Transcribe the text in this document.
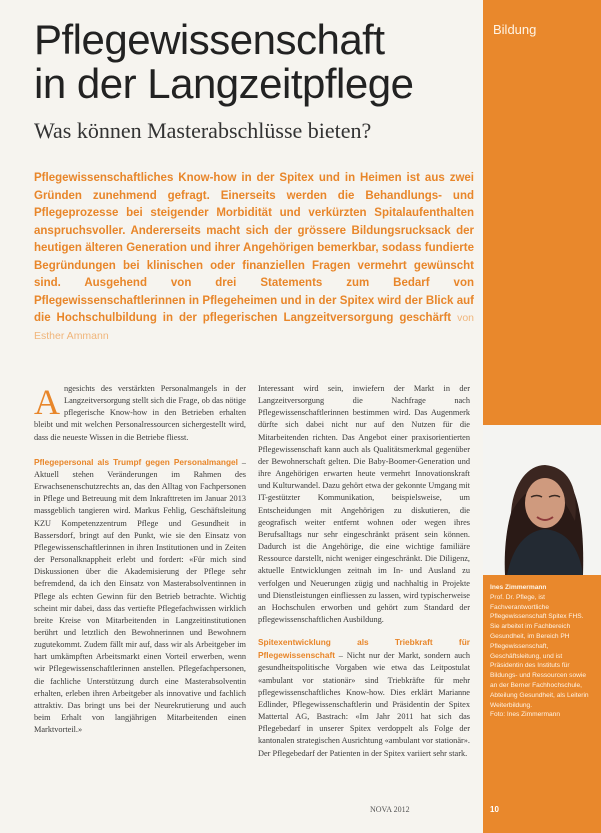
Bildung
Pflegewissenschaft
in der Langzeitpflege
Was können Masterabschlüsse bieten?

Pflegewissenschaftliches Know-how in der Spitex und in Heimen ist aus zwei Gründen zunehmend gefragt. Einerseits werden die Behandlungs- und Pflegeprozesse bei steigender Morbidität und verkürzten Spitalaufenthalten anspruchsvoller. Andererseits macht sich der grössere Bildungsrucksack der heutigen älteren Generation und ihrer Angehörigen bemerkbar, sodass fundierte Begründungen bei klinischen oder finanziellen Fragen vermehrt gewünscht sind. Ausgehend von drei Statements zum Bedarf von Pflegewissenschaftlerinnen in Pflegeheimen und in der Spitex wird der Blick auf die Hochschulbildung in der pflegerischen Langzeitversorgung geschärft von Esther Ammann

Angesichts des verstärkten Personalmangels in der Langzeitversorgung stellt sich die Frage, ob das nötige pflegerische Know-how in den Betrieben erhalten bleibt und mit welchen Personalressourcen sichergestellt wird, dass die neueste Wissen in die Betriebe fliesst.

Pflegepersonal als Trumpf gegen Personalmangel – Aktuell stehen Veränderungen im Rahmen des Erwachsenenschutzrechts an, das den Alltag von Fachpersonen in Pflege und Betreuung mit dem Inkrafttreten im Januar 2013 massgeblich tangieren wird. Markus Fehlig, Geschäftsleitung KZU Kompetenzzentrum Pflege und Gesundheit in Bassersdorf, bringt auf den Punkt, wie sie den Einsatz von Pflegewissenschaftlerinnen in ihren Institutionen und in Zeiten der Personalknappheit erlebt und fordert: «Für mich sind Diskussionen über die Akademisierung der Pflege sehr befremdend, da ich den Einsatz von Masterabsolventinnen in Pflege als echten Gewinn für den Betrieb betrachte. Wichtig scheint mir dabei, dass das vertiefte Pflegefachwissen wirklich breite Kreise von Mitarbeitenden in Langzeitinstitutionen berührt und letztlich den Bewohnerinnen und Bewohnern zugutekommt. Zudem fällt mir auf, dass wir als Arbeitgeber im hart umkämpften Arbeitsmarkt einen Vorteil erwerben, wenn wir Pflegewissenschaftlerinnen anstellen. Pflegefachpersonen, die fachliche Unterstützung durch eine Masterabsolventin erhalten, erleben ihren Arbeitgeber als innovative und fachlich attraktiv. Das bringt uns bei der Neurekrutierung und auch beim Erhalt von langjährigen Mitarbeitenden einen Marktvorteil.»

Interessant wird sein, inwiefern der Markt in der Langzeitversorgung die Nachfrage nach Pflegewissenschaftlerinnen bestimmen wird. Das Augenmerk dürfte sich dabei nicht nur auf den Nutzen für die Mitarbeitenden richten. Das Angebot einer praxisorientierten Pflegewissenschaft kann auch als Qualitätsmerkmal gegenüber der Bewohnerschaft gelten. Die Baby-Boomer-Generation und ihre Angehörigen erwarten heute vermehrt Innovationskraft und Kulturwandel. Dazu gehört etwa der gekonnte Umgang mit IT-gestützter Kommunikation, beispielsweise, um Entscheidungen mit Angehörigen zu diskutieren, die geografisch weiter entfernt wohnen oder wegen ihres Berufsalltags nur sehr eingeschränkt präsent sein können. Dadurch ist die Angehörige, die eine wichtige familiäre Ressource darstellt, nicht weniger eingeschränkt. Die Diligenz, aktuelle Entwicklungen zeitnah im In- und Ausland zu verfolgen und Neuerungen zügig und nachhaltig in Projekte und Dienstleistungen einfliessen zu lassen, wird typischerweise an Hochschulen erworben und gehört zum Standard der pflegewissenschaftlichen Ausbildung.

Spitexentwicklung als Triebkraft für Pflegewissenschaft – Nicht nur der Markt, sondern auch gesundheitspolitische Vorgaben wie etwa das Leitpostulat «ambulant vor stationär» sind Triebkräfte für mehr pflegewissenschaftliches Know-how. Dies erklärt Marianne Edlinder, Pflegewissenschaftlerin und Präsidentin der Spitex Mattertal AG, Bastrach: «Im Jahr 2011 hat sich das Pflegebedarf in unserer Spitex verdoppelt als Folge der kantonalen strategischen Ausrichtung «ambulant vor stationär». Der Pflegebedarf der Patienten in der Spitex variiert sehr stark.

Ines Zimmermann
Prof. Dr. Pflege, ist Fachverantwortliche Pflegewissenschaft Spitex FHS. Sie arbeitet im Fachbereich Gesundheit, im Bereich PH Pflegewissenschaft, Geschäftsleitung, und ist Präsidentin des Instituts für Bildungs- und Ressourcen sowie an der Berner Fachhochschule, Abteilung Gesundheit, als Leiterin Weiterbildung.
Foto: Ines Zimmermann
NOVA 2012	10
